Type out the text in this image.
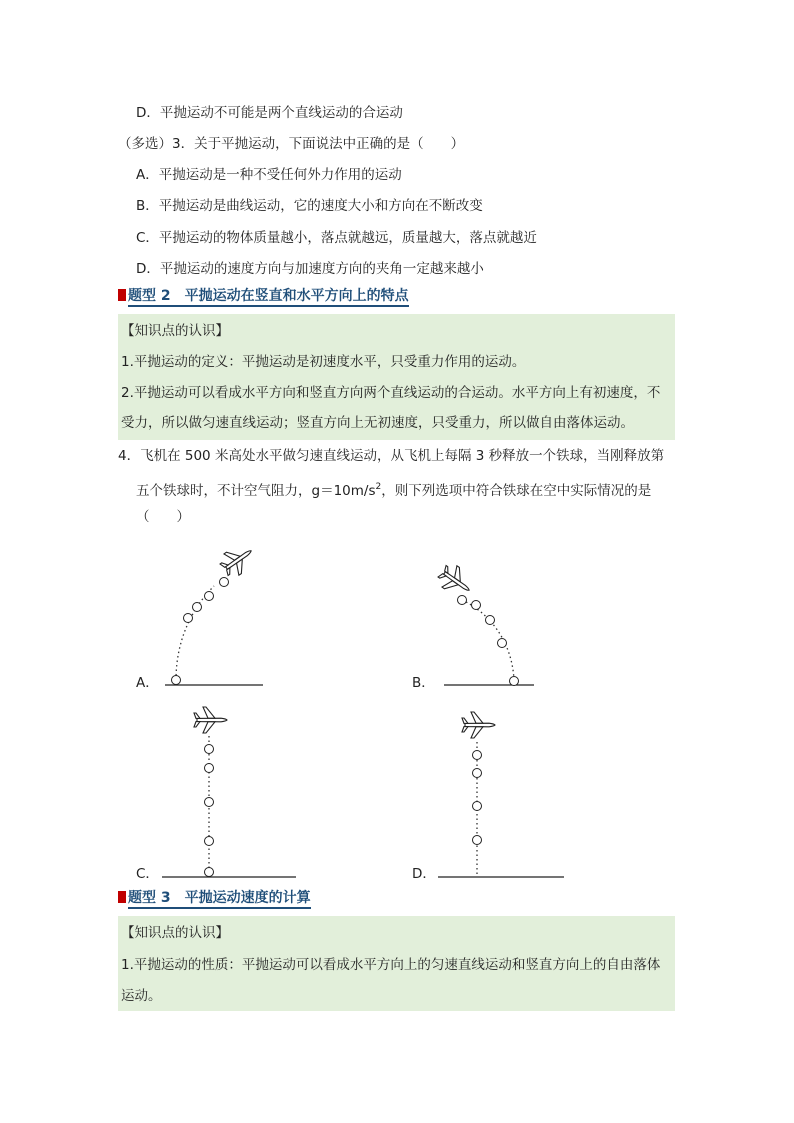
D．平抛运动不可能是两个直线运动的合运动
（多选）3．关于平抛运动，下面说法中正确的是（　　）
A．平抛运动是一种不受任何外力作用的运动
B．平抛运动是曲线运动，它的速度大小和方向在不断改变
C．平抛运动的物体质量越小，落点就越远，质量越大，落点就越近
D．平抛运动的速度方向与加速度方向的夹角一定越来越小
题型 2　平抛运动在竖直和水平方向上的特点
【知识点的认识】
1.平抛运动的定义：平抛运动是初速度水平，只受重力作用的运动。
2.平抛运动可以看成水平方向和竖直方向两个直线运动的合运动。水平方向上有初速度，不
受力，所以做匀速直线运动；竖直方向上无初速度，只受重力，所以做自由落体运动。
4．飞机在 500 米高处水平做匀速直线运动，从飞机上每隔 3 秒释放一个铁球，当刚释放第
五个铁球时，不计空气阻力，$g=10m/s^2$，则下列选项中符合铁球在空中实际情况的是
（　　）
A．	B．
C．	D．
题型 3　平抛运动速度的计算
【知识点的认识】
1.平抛运动的性质：平抛运动可以看成水平方向上的匀速直线运动和竖直方向上的自由落体
运动。
